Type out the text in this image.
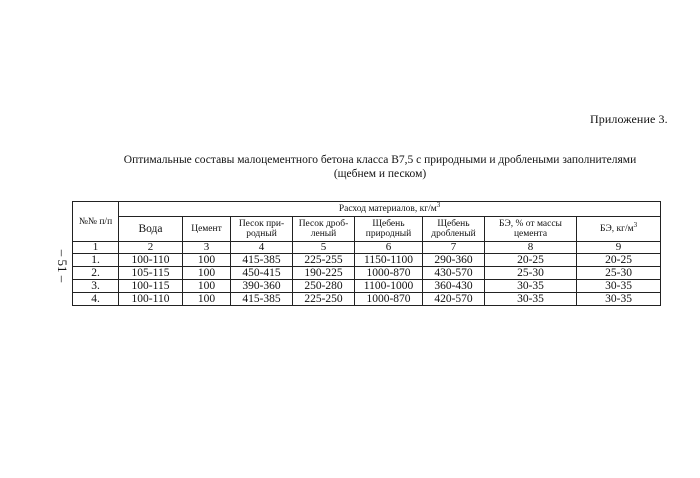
Приложение 3.
Оптимальные составы малоцементного бетона класса В7,5 с природными и дроблеными заполнителями
(щебнем и песком)
– 51 –
№№ п/п	Расход материалов, $кг/м^3$
	Вода	Цемент	Песок при-родный	Песок дроб-леный	Щебень природный	Щебень дробленый	БЭ, % от массы цемента	БЭ, $кг/м^3$
1	2	3	4	5	6	7	8	9
1.	100-110	100	415-385	225-255	1150-1100	290-360	20-25	20-25
2.	105-115	100	450-415	190-225	1000-870	430-570	25-30	25-30
3.	100-115	100	390-360	250-280	1100-1000	360-430	30-35	30-35
4.	100-110	100	415-385	225-250	1000-870	420-570	30-35	30-35
